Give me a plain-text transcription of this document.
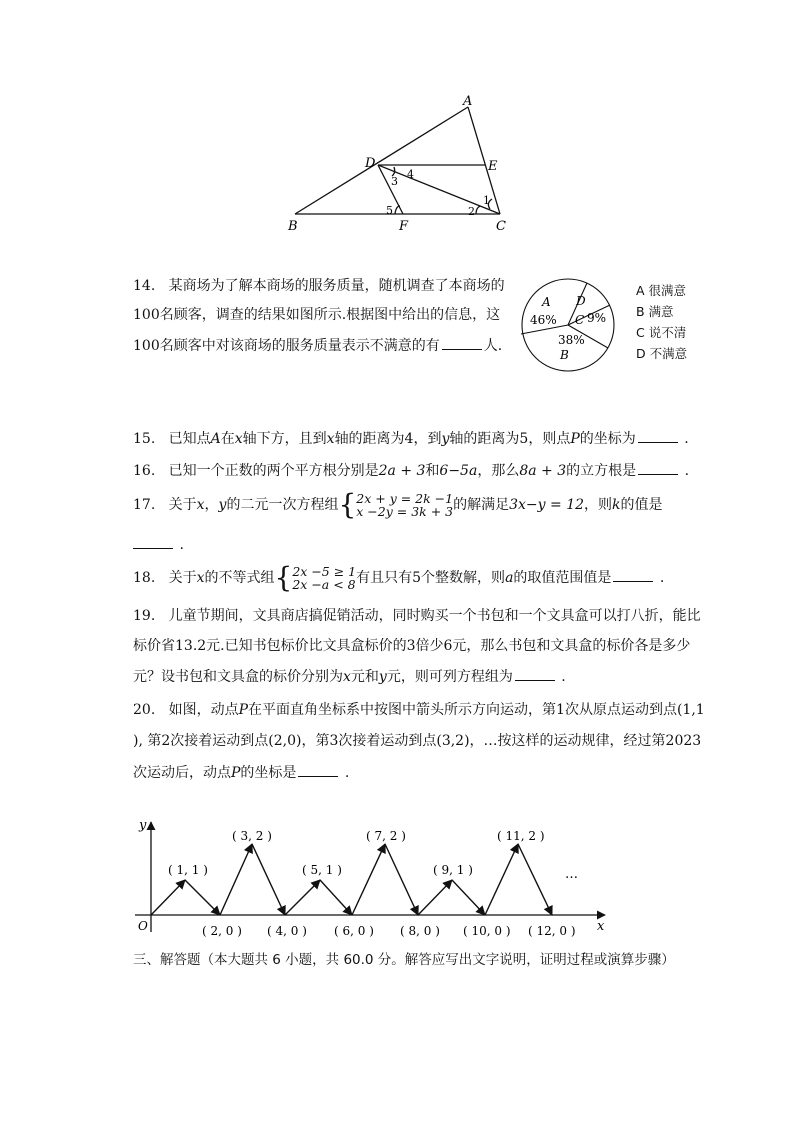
A
D	E
B	F	C
1
2
3
4
5
14. 某商场为了解本商场的服务质量，随机调查了本商场的
100名顾客，调查的结果如图所示.根据图中给出的信息，这
100名顾客中对该商场的服务质量表示不满意的有	人.
A
46%
38%
B
C 9%
D
A 很满意
B 满意
C 说不清
D 不满意
15. 已知点A在x轴下方，且到x轴的距离为4，到y轴的距离为5，则点P的坐标为	.
16. 已知一个正数的两个平方根分别是2a + 3和6−5a，那么8a + 3的立方根是	.
17. 关于x，y的二元一次方程组{2x + y = 2k −1
x −2y = 3k + 3的解满足3x−y = 12，则k的值是
.
18. 关于x的不等式组{2x −5 ≥ 1
2x −a < 8有且只有5个整数解，则a的取值范围值是	.
19. 儿童节期间，文具商店搞促销活动，同时购买一个书包和一个文具盒可以打八折，能比
标价省13.2元.已知书包标价比文具盒标价的3倍少6元，那么书包和文具盒的标价各是多少
元？设书包和文具盒的标价分别为x元和y元，则可列方程组为	.
20. 如图，动点P在平面直角坐标系中按图中箭头所示方向运动，第1次从原点运动到点(1,1
), 第2次接着运动到点(2,0)，第3次接着运动到点(3,2)，…按这样的运动规律，经过第2023
次运动后，动点P的坐标是	.
y
x
O
( 1, 1 )
( 3, 2 )
( 5, 1 )
( 7, 2 )
( 9, 1 )
( 11, 2 )
…
( 2, 0 ) ( 4, 0 ) ( 6, 0 ) ( 8, 0 ) ( 10, 0 ) ( 12, 0 )
三、解答题（本大题共 6 小题，共 60.0 分。解答应写出文字说明，证明过程或演算步骤）
